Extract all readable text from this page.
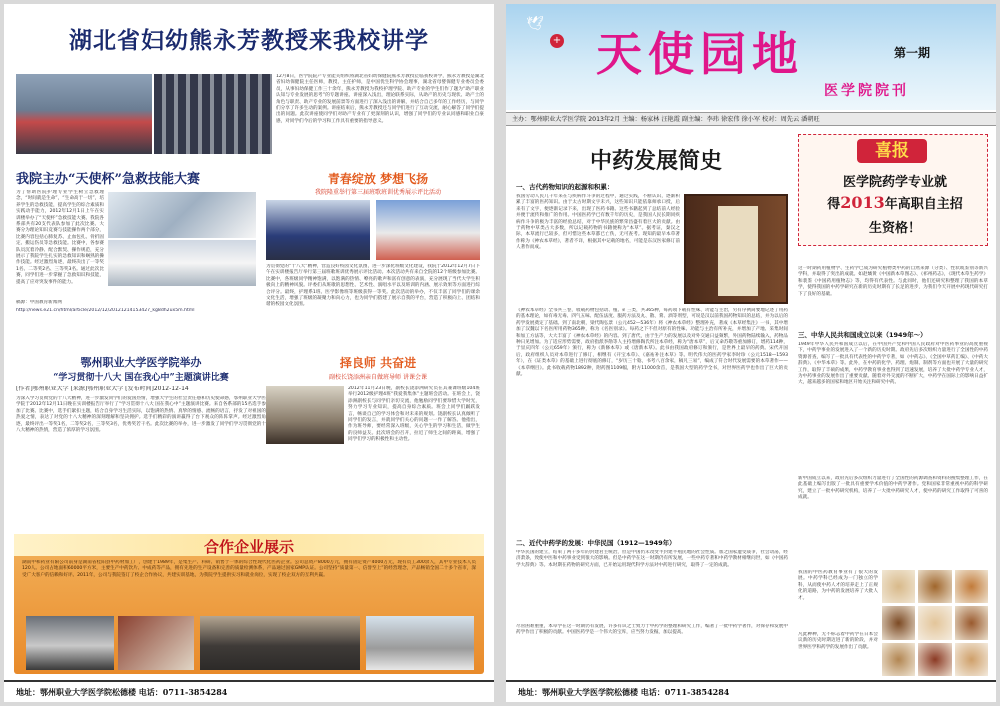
湖北省妇幼熊永芳教授来我校讲学
12月8日，医学院院产专业能关组织将湖北省妇幼保健院熊永芳教授莅临我校讲学，熊永芳教授是湖北省妇幼保健院主任医师，教授，主任护师，是中国优生科学协会理事，湖北省母婴保健专业委员会委员，从事妇幼保健工作三十余年，熊永芳教授为我校护理学院、助产专业的学生们作了题为“助产职业认知与专业发展的思考”的专题讲座。讲座深入浅出，理论联系实际，从助产的历史与现状、助产士的角色与职责、助产专业的发展前景等方面进行了深入浅出的讲解，并结合自己多年的工作经历，与同学们分享了许多生动的案例。讲座结束后，熊永芳教授还与同学们进行了互动交流，耐心解答了同学们提出的问题。此次讲座使同学们对助产专业有了更深刻的认识，增强了同学们的专业认同感和职业自豪感，对同学们今后的学习和工作具有重要的指导意义。
我院主办“天使杯”急救技能大赛
为了帮助医院护理专业学生树立急救理念，“时间就是生命”，“生命高于一切”，培养学生的急救技能，提高学生的综合素质和实践动手能力，2012年12月1日上午在实训楼举办了“天使杯”急救技能大赛。我院各系部共有20支代表队参加了此次比赛。大赛分为理论知识竞赛与技能操作两个部分，比赛内容包括心肺复苏、止血包扎、骨折固定、搬运伤员等急救技能。比赛中，各参赛队员沉着冷静、配合默契、操作规范，充分展示了我院学生扎实的急救知识和娴熟的操作技能。经过激烈角逐，最终决出了一等奖1名、二等奖2名、三等奖3名。通过此次比赛，同学们进一步掌握了急救知识和技能，提高了应对突发事件的能力。
稿源：中国教育新闻网
http://news.e21.cn/html/article/2012/12/20121214153427_kg8dh2ux5m.html
青春绽放 梦想飞扬
我院隆重举行第三届班歌班训优秀展示评比活动
为贯彻党的“十八大”精神，营造良好校园文化氛围，进一步深化班级文化建设，我院于2012年12月7日下午在实训楼报告厅举行第三届班歌班训优秀展示评比活动。本次活动共有来自全院的12个班级参加比赛。比赛中，各班级同学精神饱满，以饱满的热情、嘹亮的歌声和富有创意的表演，充分展现了当代大学生积极向上的精神风貌。评委们从班歌的思想性、艺术性、演唱水平以及班训的内涵、展示效果等方面进行综合评分。最终，护理系1班、医学影像班等班级获得一等奖。此次活动的举办，不仅丰富了同学们的课余文化生活，增强了班级的凝聚力和向心力，也为同学们搭建了展示自我的平台，营造了积极向上、团结和谐的校园文化氛围。
鄂州职业大学医学院举办
“学习贯彻十八大 国在我心中”主题演讲比赛
[作者]鄂州职业大学 [来源]鄂州职业大学 [发布时间]2012-12-14
为深入学习贯彻党的十八大精神，进一步激发同学们的爱国热情，增强大学生的社会责任感和历史使命感，鄂州职业大学医学院于2012年12月11日晚在实训楼报告厅举行了“学习贯彻十八大 国在我心中”主题演讲比赛。来自各系部的15名选手参加了比赛。比赛中，选手们紧扣主题，结合自身学习生活实际，以饱满的热情、真挚的情感、流畅的语言，抒发了对祖国的热爱之情，表达了对党的十八大精神的深刻理解和坚决拥护。选手们精彩的演讲赢得了台下观众的阵阵掌声。经过激烈角逐，最终评出一等奖1名，二等奖2名，三等奖3名，优秀奖若干名。此次比赛的举办，进一步激发了同学们学习贯彻党的十八大精神的热情，营造了浓厚的学习氛围。
择良师 共奋进
副校长饶添洲亲自做班导师 讲课会课
2012年11月23日晚，副校长饶添洲研究员在其兼课班级104班举行2012级护理4班“我爱我集体”主题班会活动。在班会上，饶添洲副校长与同学们亲切交流，他勉励同学们要珍惜大学时光，努力学习专业知识，提高自身综合素质。班会上同学们踊跃发言，畅谈自己的学习体会和对未来的规划。饶副校长认真倾听了同学们的发言，并就同学们关心的问题一一作了解答。他指出，作为班导师，要经常深入班级，关心学生的学习和生活，做学生的良师益友。此次班会的召开，拉近了师生之间的距离，增强了同学们学习的积极性和主动性。
合作企业展示
湖南中和药业有限公司前身是湖南省桂阳县中药材加工厂，创建于1989年，是集生产、科研、销售于一体的综合性现代化医药企业。公司总资产8000万元，拥有固定资产4000万元，现有员工300余人，其中专业技术人员120人。公司占地面积60000平方米，主要生产中药饮片、中成药等产品，拥有先进的生产设备和完善的质量检测体系，产品通过国家GMP认证。公司坚持“质量第一、信誉至上”的经营理念，产品畅销全国二十多个省市，深受广大客户的信赖和好评。2011年，公司与我院签订了校企合作协议，共建实训基地，为我院学生提供实习和就业岗位，实现了校企双方的互利共赢。
地址：鄂州职业大学医学院松德楼 电话：0711-3854284
🕊
+ 天使园地	第一期
医学院院刊
主办：鄂州职业大学医学院 2013年2月 主编：杨家林 汪艳霞 副主编：李玮 徐宏伟 徐小军 校对：周先云 潘朝旺
中药发展简史	喜报
医学院药学专业就
得2013年高职自主招
生资格！
一、古代药物知识的起源和积累：
我国劳动人民几千年来在与疾病作斗争的过程中，通过实践，不断认识，逐渐积累了丰富的医药知识。由于太古时期文字未兴，这些知识只能依靠师承口授，后来有了文字，便逐渐记录下来，出现了医药书籍。这些书籍起到了总结前人经验并便于流传和推广的作用。中国医药学已有数千年的历史，是我国人民长期同疾病作斗争的极为丰富的经验总结，对于中华民族的繁荣昌盛有着巨大的贡献。由于药物中草类占大多数，所以记载药物的书籍便称为“本草”。据考证，秦汉之际，本草流行已较多，但可惜这些本草都已亡佚，无可查考。现知的最早本草著作称为《神农本草经》，著者不详，根据其中记载的地名，可能是东汉医家修订前人著作而成。
《神农本草经》全书共三卷，收载药物包括动、植、矿三类，共365种，每药项下载有性味、功能与主治，另有序例简要地记述了用药的基本理论，如有毒无毒、四气五味、配伍法度、服药方法及丸、散、膏、酒等剂型，可说是汉以前我国药物知识的总结，并为以后的药学发展奠定了基础。到了南北朝，梁代陶弘景（公元452—536年）将《神农本草经》整理补充，著成《本草经集注》一书，其中增加了汉魏以下名医所用药物365种，称为《名医别录》。每药之下不但对原有的性味、功能与主治有所补充，并增加了产地、采集时间和加工方法等，大大丰富了《神农本草经》的内容。到了唐代，由于生产力的发展以及对外交通日益频繁，外国药物陆续输入，药物品种日见增加。为了适应形势需要，政府指派李勣等人主持增修陶氏所注本草经，称为“唐本草”，后又命苏敬等重加修订，增药114种，于显庆四年（公元659年）颁行，称为《新修本草》或《唐新本草》。此书由我国政府修订和颁行，是世界上最早的药典。宋代开国后，政府组织人员对本草进行了修订，相继有《开宝本草》、《嘉祐补注本草》等。明代伟大的医药学家李时珍（公元1518—1593年），在《证类本草》的基础上进行彻底的修订，“岁历三十稔，书考八百余家，稿凡三易”，编成了符合时代发展需要的本草著作——《本草纲目》。此书收载药物1892种，附药图1109幅，附方11000余首，是我国大型的药学全书，对世界医药学也作出了巨大的贡献。
二、近代中药学的发展：中华民国（1912—1949年）
中华民国的建立，结束了两千多年的封建君主统治，但是中国仍未改变半封建半殖民地的社会性质。加之国家遭受战争，社会动荡，经济萧条，致使中医和中药事业受到很大的影响。但是中药学在这一时期仍有所发展，一些中药专著和中药学教材相继问世，如《中国药学大辞典》等。本时期在药物的研究方面，已开始运用现代科学方法对中药进行研究，取得了一定的成就。
尽管困难重重，本草学在这一时期仍有发展，许多有识之士致力于中药学的整理和研究工作，编著了一批中药学著作，对保存和发展中药学作出了积极的贡献。中国医药学是一个伟大的宝库，应当努力发掘，加以提高。
这一时期药用植物学、生药学已成为研究植物类中药的自然来源（分类）、性状或鉴别等新兴学科，并取得了突出的成就。如赵燏黄《中国新本草图志》、《祁州药志》，《现代本草生药学》和裴鉴《中国药用植物志》等，均得有代表性。与此同时，他们还研究和整理了我国的本草学，使得我国的中药学研究在新的历史时期有了长足的进步，为我们今天开展中药现代研究打下了良好的基础。
三、中华人民共和国成立以来（1949年～）
1949年中华人民共和国成立以后，在中国共产党和中国人民政府对中医药事业的高度重视下，中药学事业的发展进入了一个新的历史时期。政府先后多次组织力量进行了全国性的中药资源普查，编写了一批具有代表性的中药学专著，如《中药志》、《全国中草药汇编》、《中药大辞典》、《中华本草》等。此外，在中药的化学、药理、炮制、制剂等方面也开展了大量的研究工作，取得了丰硕的成果，中药学教育事业也得到了迅速发展，培养了大批中药学专业人才，为中药事业的发展作出了重要贡献。随着对外交流的不断扩大，中药学在国际上的影响日益扩大，越来越多的国家和地区开始关注和研究中药。
新中国成立以来，政府先后多次组织力量进行了全国性的药源调查和资料的搜集整理工作，在此基础上编写出版了一批具有重要学术价值的中药学著作。党和国家非常重视中药的科学研究，建立了一批中药研究机构，培养了一大批中药研究人才，使中药的研究工作取得了可喜的成就。
我国的中医药教育事业有了很大的发展。中药学科已经成为一门独立的学科，从而使中药人才的培养走上了正规化的道路，为中药的发展培养了大批人才。
凡此种种，无不标志着中药学在日本会议新的历史时期迈进了新的阶段，并对世界医学和药学的发展作出了贡献。
地址：鄂州职业大学医学院松德楼 电话：0711-3854284
